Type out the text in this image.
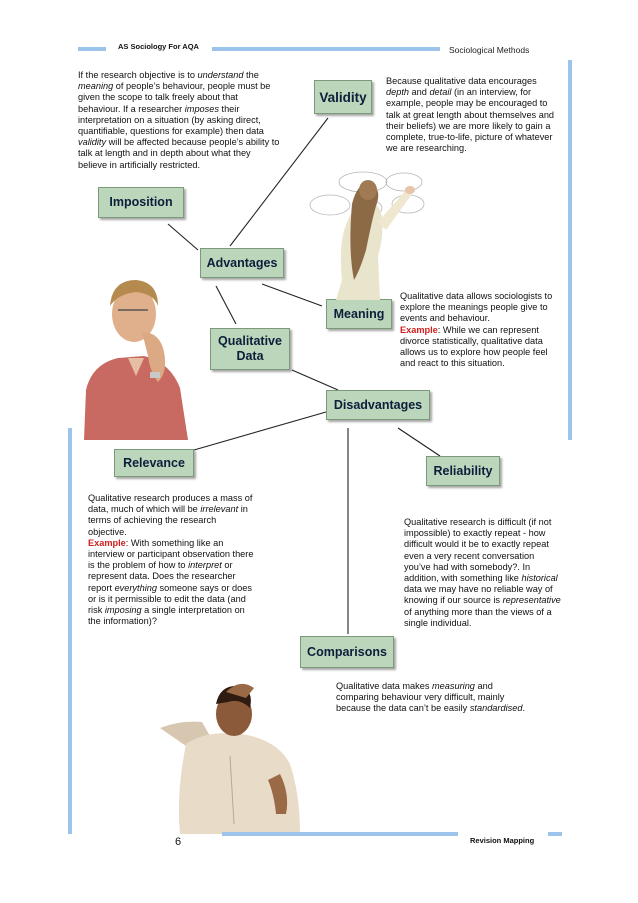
AS Sociology For AQA	Sociological Methods
Validity
Imposition
Advantages
Meaning
Qualitative
Data
Disadvantages
Relevance
Reliability
Comparisons
If the research objective is to understand the meaning of people’s behaviour, people must be given the scope to talk freely about that behaviour. If a researcher imposes their interpretation on a situation (by asking direct, quantifiable, questions for example) then data validity will be affected because people’s ability to talk at length and in depth about what they believe in artificially restricted.
Because qualitative data encourages depth and detail (in an interview, for example, people may be encouraged to talk at great length about themselves and their beliefs) we are more likely to gain a complete, true-to-life, picture of whatever we are researching.
Qualitative data allows sociologists to explore the meanings people give to events and behaviour.
Example: While we can represent divorce statistically, qualitative data allows us to explore how people feel and react to this situation.
Qualitative research produces a mass of data, much of which will be irrelevant in terms of achieving the research objective.
Example: With something like an interview or participant observation there is the problem of how to interpret or represent data. Does the researcher report everything someone says or does or is it permissible to edit the data (and risk imposing a single interpretation on the information)?
Qualitative research is difficult (if not impossible) to exactly repeat - how difficult would it be to exactly repeat even a very recent conversation you’ve had with somebody?. In addition, with something like historical data we may have no reliable way of knowing if our source is representative of anything more than the views of a single individual.
Qualitative data makes measuring and comparing behaviour very difficult, mainly because the data can’t be easily standardised.
6	Revision Mapping
